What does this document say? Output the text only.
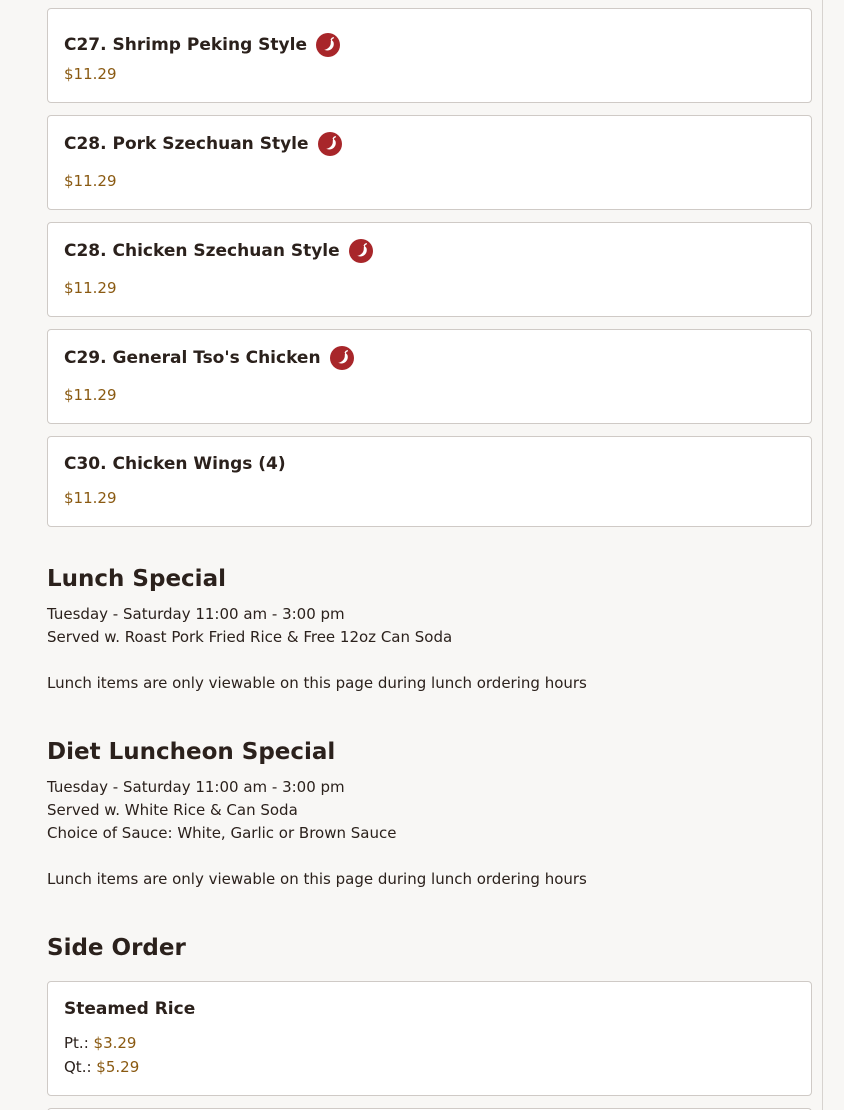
C27. Shrimp Peking Style
$11.29
C28. Pork Szechuan Style
$11.29
C28. Chicken Szechuan Style
$11.29
C29. General Tso's Chicken
$11.29
C30. Chicken Wings (4)
$11.29
Lunch Special
Tuesday - Saturday 11:00 am - 3:00 pm
Served w. Roast Pork Fried Rice & Free 12oz Can Soda
Lunch items are only viewable on this page during lunch ordering hours
Diet Luncheon Special
Tuesday - Saturday 11:00 am - 3:00 pm
Served w. White Rice & Can Soda
Choice of Sauce: White, Garlic or Brown Sauce
Lunch items are only viewable on this page during lunch ordering hours
Side Order
Steamed Rice
Pt.: $3.29
Qt.: $5.29
